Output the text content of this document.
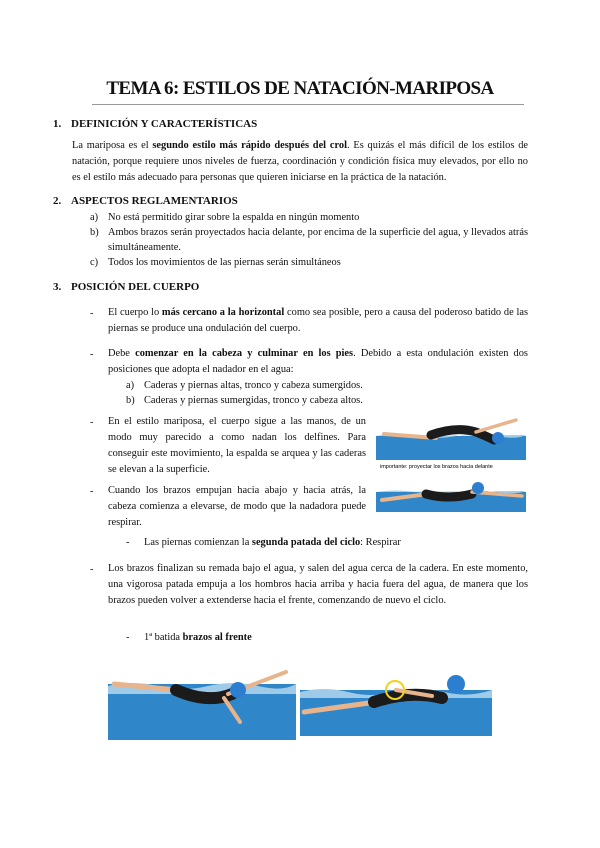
TEMA 6: ESTILOS DE NATACIÓN-MARIPOSA
1. DEFINICIÓN Y CARACTERÍSTICAS
La mariposa es el segundo estilo más rápido después del crol. Es quizás el más difícil de los estilos de natación, porque requiere unos niveles de fuerza, coordinación y condición física muy elevados, por ello no es el estilo más adecuado para personas que quieren iniciarse en la práctica de la natación.
2. ASPECTOS REGLAMENTARIOS
a) No está permitido girar sobre la espalda en ningún momento
b) Ambos brazos serán proyectados hacia delante, por encima de la superficie del agua, y llevados atrás simultáneamente.
c) Todos los movimientos de las piernas serán simultáneos
3. POSICIÓN DEL CUERPO
- El cuerpo lo más cercano a la horizontal como sea posible, pero a causa del poderoso batido de las piernas se produce una ondulación del cuerpo.
- Debe comenzar en la cabeza y culminar en los pies. Debido a esta ondulación existen dos posiciones que adopta el nadador en el agua:
a) Caderas y piernas altas, tronco y cabeza sumergidos.
b) Caderas y piernas sumergidas, tronco y cabeza altos.
- En el estilo mariposa, el cuerpo sigue a las manos, de un modo muy parecido a como nadan los delfines. Para conseguir este movimiento, la espalda se arquea y las caderas se elevan a la superficie.	importante: proyectar los brazos hacia delante
- Cuando los brazos empujan hacia abajo y hacia atrás, la cabeza comienza a elevarse, de modo que la nadadora puede respirar.
- Las piernas comienzan la segunda patada del ciclo: Respirar
- Los brazos finalizan su remada bajo el agua, y salen del agua cerca de la cadera. En este momento, una vigorosa patada empuja a los hombros hacia arriba y hacia fuera del agua, de manera que los brazos pueden volver a extenderse hacia el frente, comenzando de nuevo el ciclo.
- 1ª batida brazos al frente
